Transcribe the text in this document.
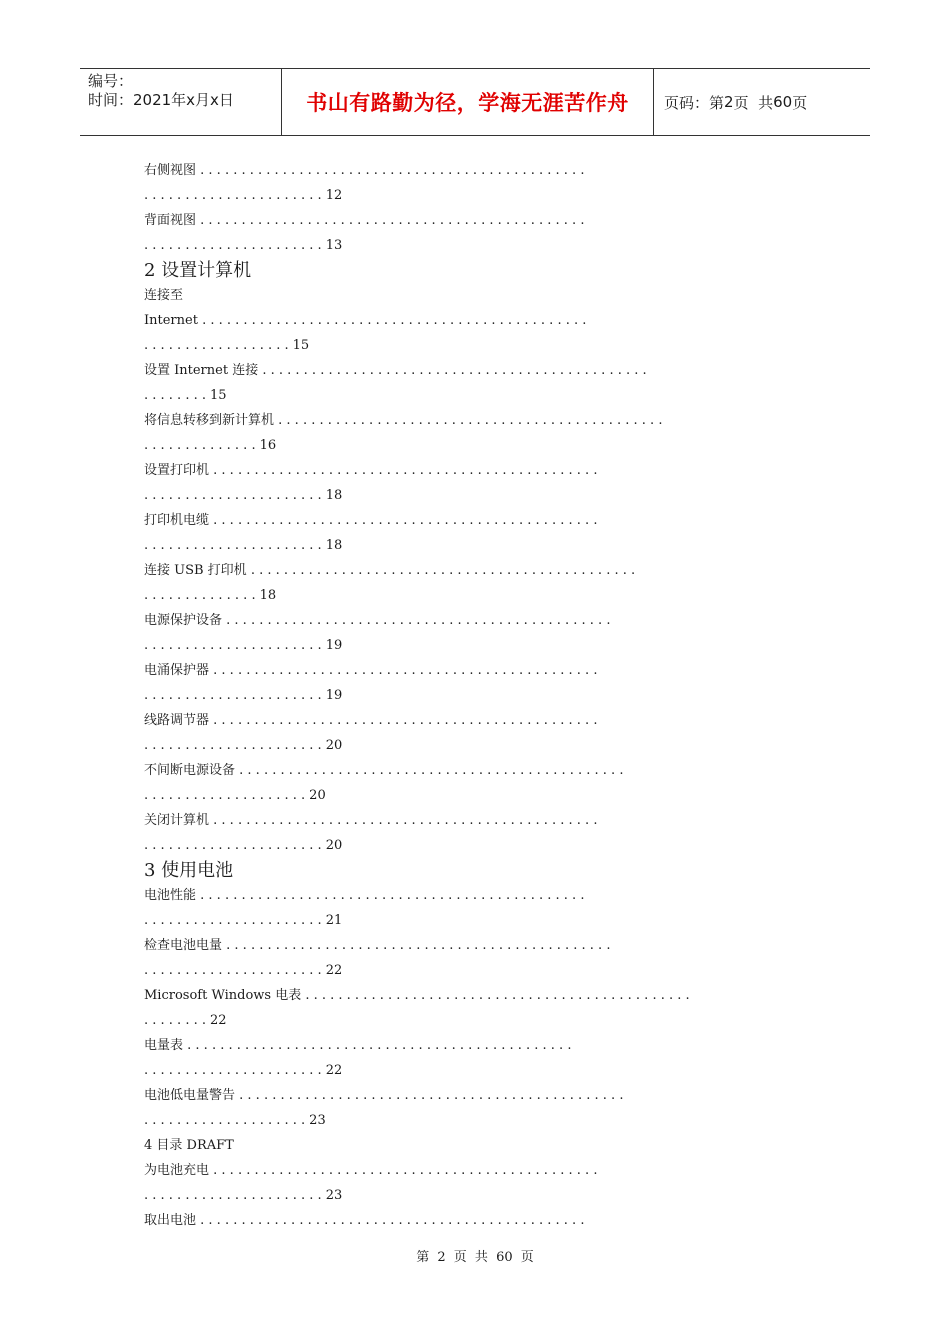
编号：
时间：2021年x月x日	书山有路勤为径，学海无涯苦作舟 页码：第 2 页  共 60 页
右侧视图 . . . . . . . . . . . . . . . . . . . . . . . . . . . . . . . . . . . . . . . . . . . . . . .
. . . . . . . . . . . . . . . . . . . . . . 12
背面视图 . . . . . . . . . . . . . . . . . . . . . . . . . . . . . . . . . . . . . . . . . . . . . . .
. . . . . . . . . . . . . . . . . . . . . . 13
2 设置计算机
连接至
Internet . . . . . . . . . . . . . . . . . . . . . . . . . . . . . . . . . . . . . . . . . . . . . . .
. . . . . . . . . . . . . . . . . . 15
设置 Internet 连接 . . . . . . . . . . . . . . . . . . . . . . . . . . . . . . . . . . . . . . . . . . . . . . .
. . . . . . . . 15
将信息转移到新计算机 . . . . . . . . . . . . . . . . . . . . . . . . . . . . . . . . . . . . . . . . . . . . . . .
. . . . . . . . . . . . . . 16
设置打印机 . . . . . . . . . . . . . . . . . . . . . . . . . . . . . . . . . . . . . . . . . . . . . . .
. . . . . . . . . . . . . . . . . . . . . . 18
打印机电缆 . . . . . . . . . . . . . . . . . . . . . . . . . . . . . . . . . . . . . . . . . . . . . . .
. . . . . . . . . . . . . . . . . . . . . . 18
连接 USB 打印机 . . . . . . . . . . . . . . . . . . . . . . . . . . . . . . . . . . . . . . . . . . . . . . .
. . . . . . . . . . . . . . 18
电源保护设备 . . . . . . . . . . . . . . . . . . . . . . . . . . . . . . . . . . . . . . . . . . . . . . .
. . . . . . . . . . . . . . . . . . . . . . 19
电涌保护器 . . . . . . . . . . . . . . . . . . . . . . . . . . . . . . . . . . . . . . . . . . . . . . .
. . . . . . . . . . . . . . . . . . . . . . 19
线路调节器 . . . . . . . . . . . . . . . . . . . . . . . . . . . . . . . . . . . . . . . . . . . . . . .
. . . . . . . . . . . . . . . . . . . . . . 20
不间断电源设备 . . . . . . . . . . . . . . . . . . . . . . . . . . . . . . . . . . . . . . . . . . . . . . .
. . . . . . . . . . . . . . . . . . . . 20
关闭计算机 . . . . . . . . . . . . . . . . . . . . . . . . . . . . . . . . . . . . . . . . . . . . . . .
. . . . . . . . . . . . . . . . . . . . . . 20
3 使用电池
电池性能 . . . . . . . . . . . . . . . . . . . . . . . . . . . . . . . . . . . . . . . . . . . . . . .
. . . . . . . . . . . . . . . . . . . . . . 21
检查电池电量 . . . . . . . . . . . . . . . . . . . . . . . . . . . . . . . . . . . . . . . . . . . . . . .
. . . . . . . . . . . . . . . . . . . . . . 22
Microsoft Windows 电表 . . . . . . . . . . . . . . . . . . . . . . . . . . . . . . . . . . . . . . . . . . . . . . .
. . . . . . . . 22
电量表 . . . . . . . . . . . . . . . . . . . . . . . . . . . . . . . . . . . . . . . . . . . . . . .
. . . . . . . . . . . . . . . . . . . . . . 22
电池低电量警告 . . . . . . . . . . . . . . . . . . . . . . . . . . . . . . . . . . . . . . . . . . . . . . .
. . . . . . . . . . . . . . . . . . . . 23
4 目录 DRAFT
为电池充电 . . . . . . . . . . . . . . . . . . . . . . . . . . . . . . . . . . . . . . . . . . . . . . .
. . . . . . . . . . . . . . . . . . . . . . 23
取出电池 . . . . . . . . . . . . . . . . . . . . . . . . . . . . . . . . . . . . . . . . . . . . . . .
第 2 页 共 60 页
